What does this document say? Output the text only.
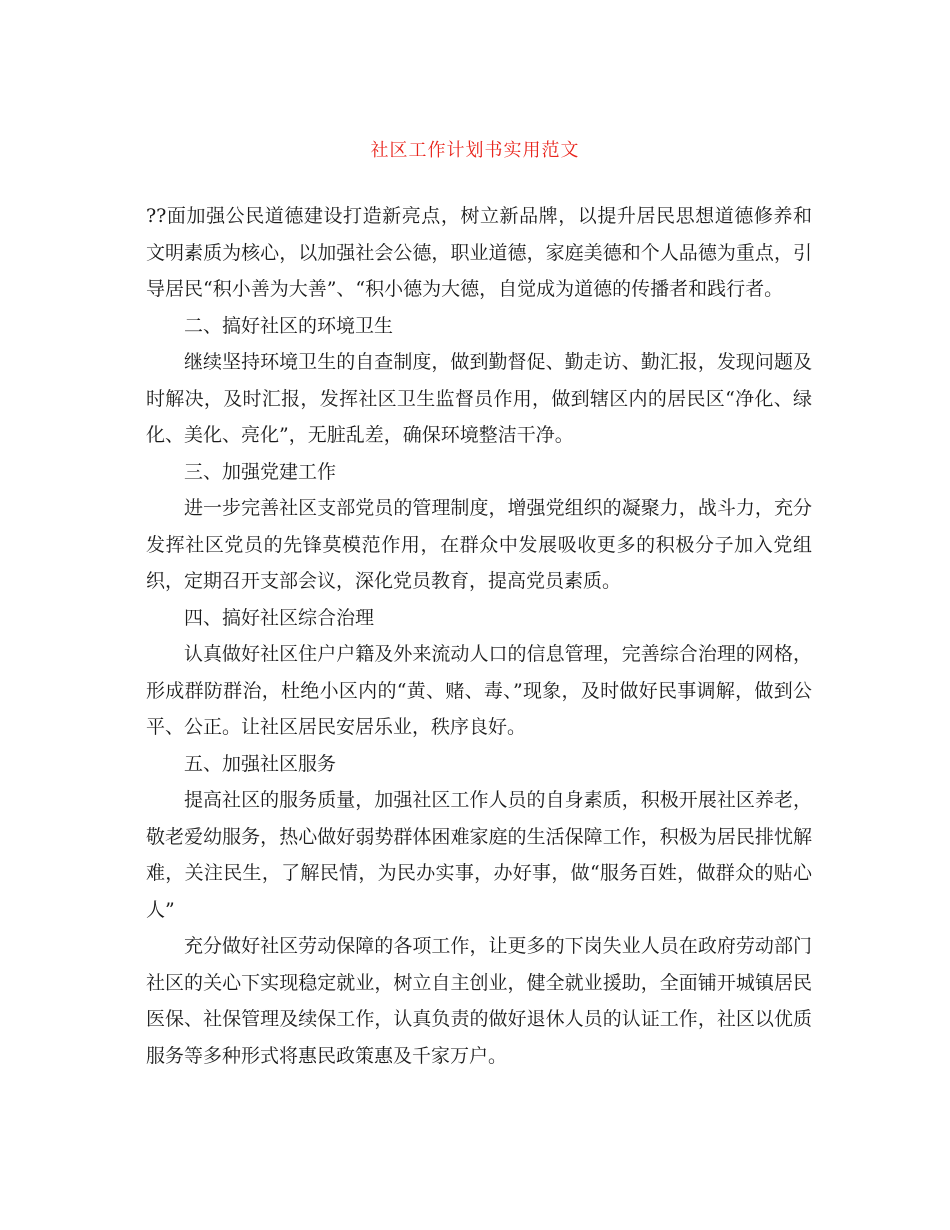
社区工作计划书实用范文

??面加强公民道德建设打造新亮点，树立新品牌，以提升居民思想道德修养和文明素质为核心，以加强社会公德，职业道德，家庭美德和个人品德为重点，引导居民“积小善为大善”、“积小德为大德，自觉成为道德的传播者和践行者。

二、搞好社区的环境卫生

继续坚持环境卫生的自查制度，做到勤督促、勤走访、勤汇报，发现问题及时解决，及时汇报，发挥社区卫生监督员作用，做到辖区内的居民区“净化、绿化、美化、亮化”，无脏乱差，确保环境整洁干净。

三、加强党建工作

进一步完善社区支部党员的管理制度，增强党组织的凝聚力，战斗力，充分发挥社区党员的先锋莫模范作用，在群众中发展吸收更多的积极分子加入党组织，定期召开支部会议，深化党员教育，提高党员素质。

四、搞好社区综合治理

认真做好社区住户户籍及外来流动人口的信息管理，完善综合治理的网格，形成群防群治，杜绝小区内的“黄、赌、毒、”现象，及时做好民事调解，做到公平、公正。让社区居民安居乐业，秩序良好。

五、加强社区服务

提高社区的服务质量，加强社区工作人员的自身素质，积极开展社区养老，敬老爱幼服务，热心做好弱势群体困难家庭的生活保障工作，积极为居民排忧解难，关注民生，了解民情，为民办实事，办好事，做“服务百姓，做群众的贴心人”

充分做好社区劳动保障的各项工作，让更多的下岗失业人员在政府劳动部门社区的关心下实现稳定就业，树立自主创业，健全就业援助，全面铺开城镇居民医保、社保管理及续保工作，认真负责的做好退休人员的认证工作，社区以优质服务等多种形式将惠民政策惠及千家万户。
